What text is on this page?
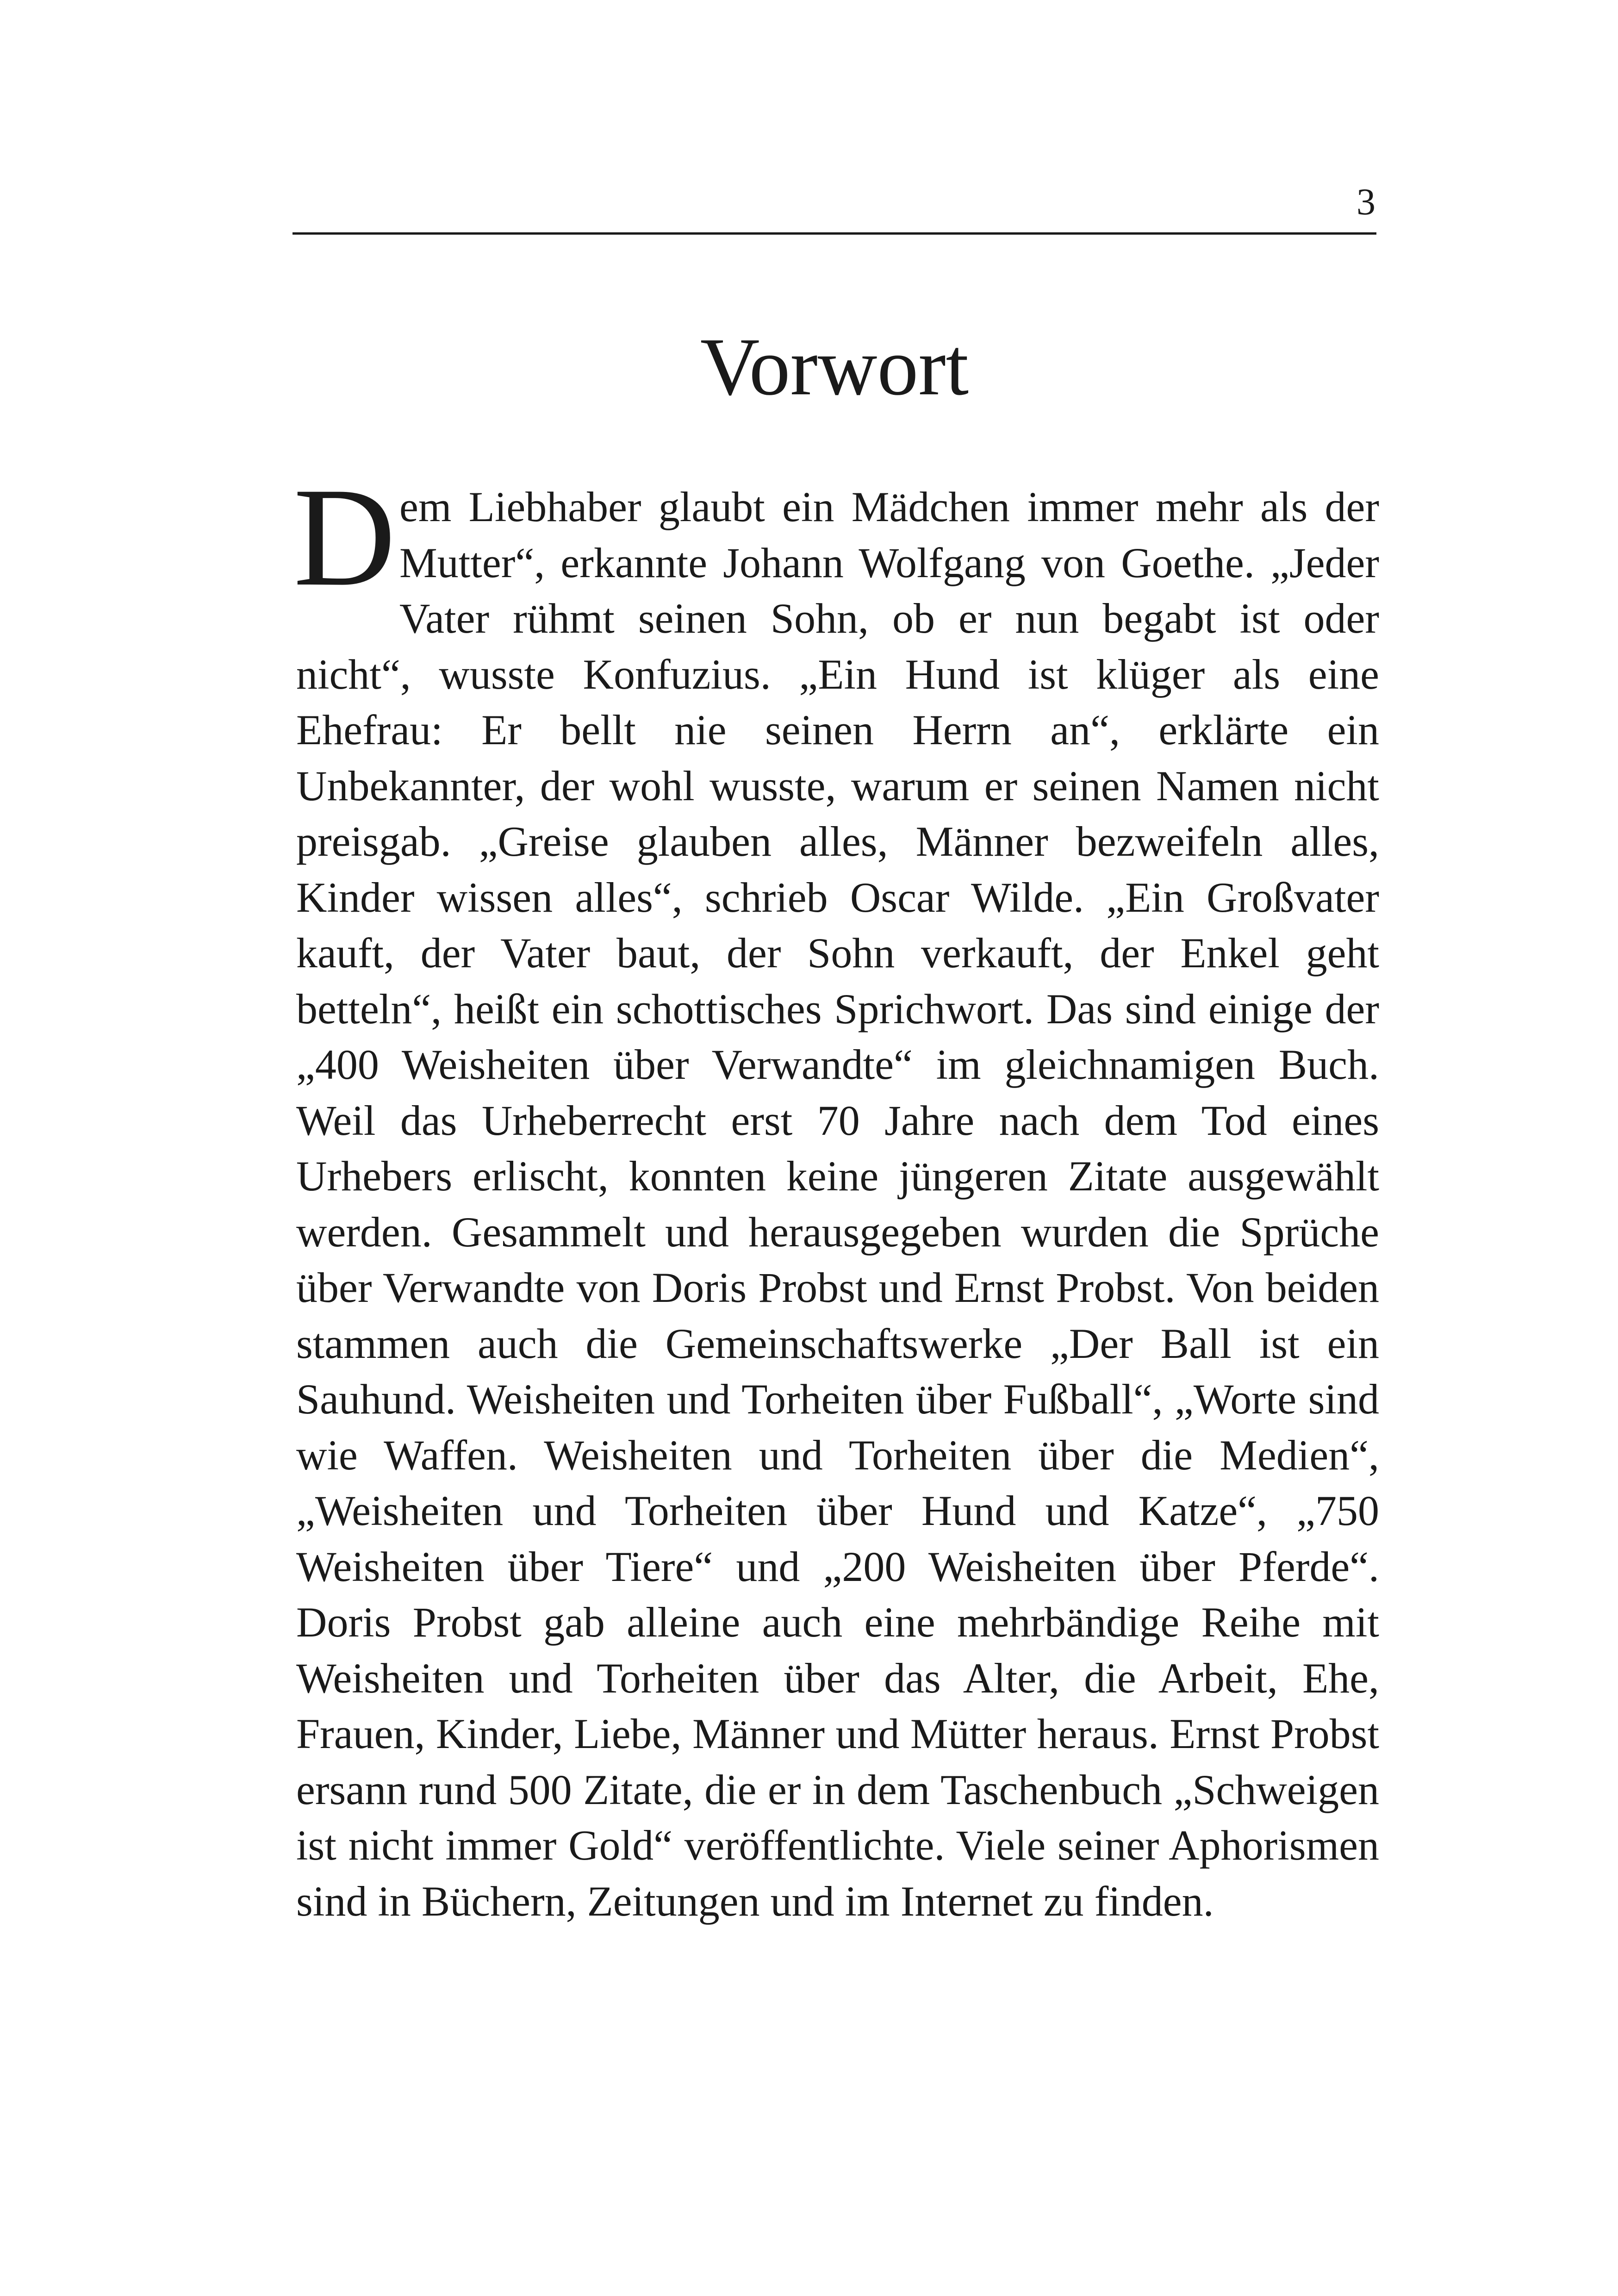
3
Vorwort

Dem Liebhaber glaubt ein Mädchen immer mehr als der Mutter“, erkannte Johann Wolfgang von Goethe. „Jeder Vater rühmt seinen Sohn, ob er nun begabt ist oder nicht“, wusste Konfuzius. „Ein Hund ist klüger als eine Ehefrau: Er bellt nie seinen Herrn an“, erklärte ein Unbekannter, der wohl wusste, warum er seinen Namen nicht preisgab. „Greise glauben alles, Männer bezweifeln alles, Kinder wissen alles“, schrieb Oscar Wilde. „Ein Großvater kauft, der Vater baut, der Sohn verkauft, der Enkel geht betteln“, heißt ein schottisches Sprichwort. Das sind einige der „400 Weisheiten über Verwandte“ im gleichnamigen Buch. Weil das Urheberrecht erst 70 Jahre nach dem Tod eines Urhebers erlischt, konnten keine jüngeren Zitate ausgewählt werden. Gesammelt und herausgegeben wurden die Sprüche über Verwandte von Doris Probst und Ernst Probst. Von beiden stammen auch die Gemeinschaftswerke „Der Ball ist ein Sauhund. Weisheiten und Torheiten über Fußball“, „Worte sind wie Waffen. Weisheiten und Torheiten über die Medien“, „Weisheiten und Torheiten über Hund und Katze“, „750 Weisheiten über Tiere“ und „200 Weisheiten über Pferde“. Doris Probst gab alleine auch eine mehrbändige Reihe mit Weisheiten und Torheiten über das Alter, die Arbeit, Ehe, Frauen, Kinder, Liebe, Männer und Mütter heraus. Ernst Probst ersann rund 500 Zitate, die er in dem Taschenbuch „Schweigen ist nicht immer Gold“ veröffentlichte. Viele seiner Aphorismen sind in Büchern, Zeitungen und im Internet zu finden.
